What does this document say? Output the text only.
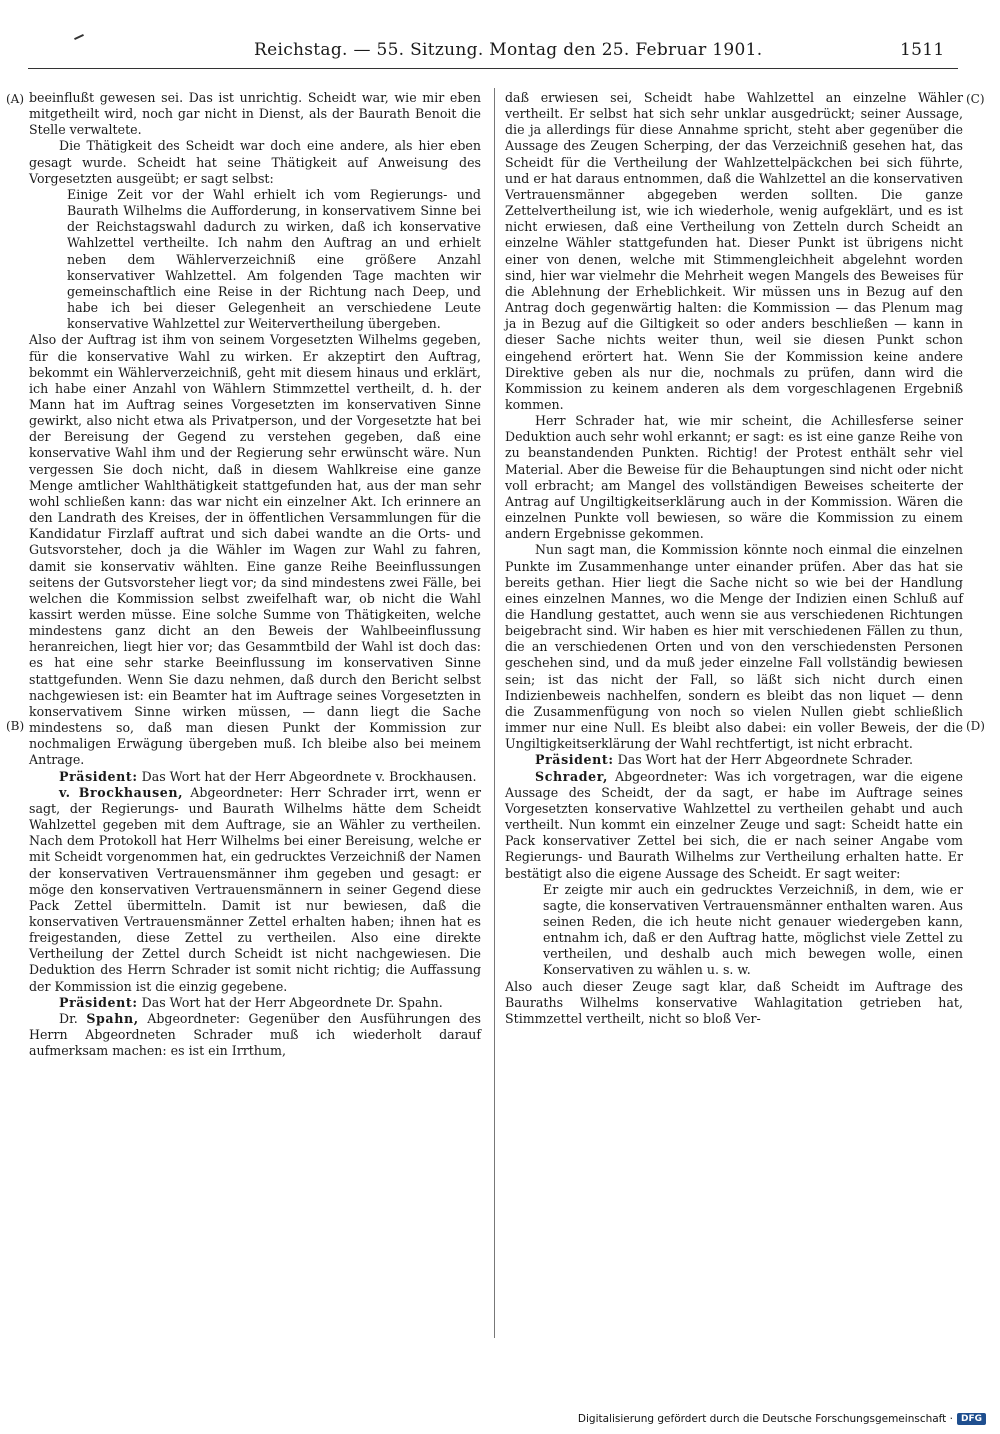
Reichstag. — 55. Sitzung. Montag den 25. Februar 1901.	1511
(A)
(B)
(C)
(D)

beeinflußt gewesen sei. Das ist unrichtig. Scheidt war, wie mir eben mitgetheilt wird, noch gar nicht in Dienst, als der Baurath Benoit die Stelle verwaltete.

Die Thätigkeit des Scheidt war doch eine andere, als hier eben gesagt wurde. Scheidt hat seine Thätigkeit auf Anweisung des Vorgesetzten ausgeübt; er sagt selbst:

Einige Zeit vor der Wahl erhielt ich vom Regierungs- und Baurath Wilhelms die Aufforderung, in konservativem Sinne bei der Reichstagswahl dadurch zu wirken, daß ich konservative Wahlzettel vertheilte. Ich nahm den Auftrag an und erhielt neben dem Wählerverzeichniß eine größere Anzahl konservativer Wahlzettel. Am folgenden Tage machten wir gemeinschaftlich eine Reise in der Richtung nach Deep, und habe ich bei dieser Gelegenheit an verschiedene Leute konservative Wahlzettel zur Weitervertheilung übergeben.

Also der Auftrag ist ihm von seinem Vorgesetzten Wilhelms gegeben, für die konservative Wahl zu wirken. Er akzeptirt den Auftrag, bekommt ein Wählerverzeichniß, geht mit diesem hinaus und erklärt, ich habe einer Anzahl von Wählern Stimmzettel vertheilt, d. h. der Mann hat im Auftrag seines Vorgesetzten im konservativen Sinne gewirkt, also nicht etwa als Privatperson, und der Vorgesetzte hat bei der Bereisung der Gegend zu verstehen gegeben, daß eine konservative Wahl ihm und der Regierung sehr erwünscht wäre. Nun vergessen Sie doch nicht, daß in diesem Wahlkreise eine ganze Menge amtlicher Wahlthätigkeit stattgefunden hat, aus der man sehr wohl schließen kann: das war nicht ein einzelner Akt. Ich erinnere an den Landrath des Kreises, der in öffentlichen Versammlungen für die Kandidatur Firzlaff auftrat und sich dabei wandte an die Orts- und Gutsvorsteher, doch ja die Wähler im Wagen zur Wahl zu fahren, damit sie konservativ wählten. Eine ganze Reihe Beeinflussungen seitens der Gutsvorsteher liegt vor; da sind mindestens zwei Fälle, bei welchen die Kommission selbst zweifelhaft war, ob nicht die Wahl kassirt werden müsse. Eine solche Summe von Thätigkeiten, welche mindestens ganz dicht an den Beweis der Wahlbeeinflussung heranreichen, liegt hier vor; das Gesammtbild der Wahl ist doch das: es hat eine sehr starke Beeinflussung im konservativen Sinne stattgefunden. Wenn Sie dazu nehmen, daß durch den Bericht selbst nachgewiesen ist: ein Beamter hat im Auftrage seines Vorgesetzten in konservativem Sinne wirken müssen, — dann liegt die Sache mindestens so, daß man diesen Punkt der Kommission zur nochmaligen Erwägung übergeben muß. Ich bleibe also bei meinem Antrage.

Präsident: Das Wort hat der Herr Abgeordnete v. Brockhausen.

v. Brockhausen, Abgeordneter: Herr Schrader irrt, wenn er sagt, der Regierungs- und Baurath Wilhelms hätte dem Scheidt Wahlzettel gegeben mit dem Auftrage, sie an Wähler zu vertheilen. Nach dem Protokoll hat Herr Wilhelms bei einer Bereisung, welche er mit Scheidt vorgenommen hat, ein gedrucktes Verzeichniß der Namen der konservativen Vertrauensmänner ihm gegeben und gesagt: er möge den konservativen Vertrauensmännern in seiner Gegend diese Pack Zettel übermitteln. Damit ist nur bewiesen, daß die konservativen Vertrauensmänner Zettel erhalten haben; ihnen hat es freigestanden, diese Zettel zu vertheilen. Also eine direkte Vertheilung der Zettel durch Scheidt ist nicht nachgewiesen. Die Deduktion des Herrn Schrader ist somit nicht richtig; die Auffassung der Kommission ist die einzig gegebene.

Präsident: Das Wort hat der Herr Abgeordnete Dr. Spahn.

Dr. Spahn, Abgeordneter: Gegenüber den Ausführungen des Herrn Abgeordneten Schrader muß ich wiederholt darauf aufmerksam machen: es ist ein Irrthum,

daß erwiesen sei, Scheidt habe Wahlzettel an einzelne Wähler vertheilt. Er selbst hat sich sehr unklar ausgedrückt; seiner Aussage, die ja allerdings für diese Annahme spricht, steht aber gegenüber die Aussage des Zeugen Scherping, der das Verzeichniß gesehen hat, das Scheidt für die Vertheilung der Wahlzettelpäckchen bei sich führte, und er hat daraus entnommen, daß die Wahlzettel an die konservativen Vertrauensmänner abgegeben werden sollten. Die ganze Zettelvertheilung ist, wie ich wiederhole, wenig aufgeklärt, und es ist nicht erwiesen, daß eine Vertheilung von Zetteln durch Scheidt an einzelne Wähler stattgefunden hat. Dieser Punkt ist übrigens nicht einer von denen, welche mit Stimmengleichheit abgelehnt worden sind, hier war vielmehr die Mehrheit wegen Mangels des Beweises für die Ablehnung der Erheblichkeit. Wir müssen uns in Bezug auf den Antrag doch gegenwärtig halten: die Kommission — das Plenum mag ja in Bezug auf die Giltigkeit so oder anders beschließen — kann in dieser Sache nichts weiter thun, weil sie diesen Punkt schon eingehend erörtert hat. Wenn Sie der Kommission keine andere Direktive geben als nur die, nochmals zu prüfen, dann wird die Kommission zu keinem anderen als dem vorgeschlagenen Ergebniß kommen.

Herr Schrader hat, wie mir scheint, die Achillesferse seiner Deduktion auch sehr wohl erkannt; er sagt: es ist eine ganze Reihe von zu beanstandenden Punkten. Richtig! der Protest enthält sehr viel Material. Aber die Beweise für die Behauptungen sind nicht oder nicht voll erbracht; am Mangel des vollständigen Beweises scheiterte der Antrag auf Ungiltigkeitserklärung auch in der Kommission. Wären die einzelnen Punkte voll bewiesen, so wäre die Kommission zu einem andern Ergebnisse gekommen.

Nun sagt man, die Kommission könnte noch einmal die einzelnen Punkte im Zusammenhange unter einander prüfen. Aber das hat sie bereits gethan. Hier liegt die Sache nicht so wie bei der Handlung eines einzelnen Mannes, wo die Menge der Indizien einen Schluß auf die Handlung gestattet, auch wenn sie aus verschiedenen Richtungen beigebracht sind. Wir haben es hier mit verschiedenen Fällen zu thun, die an verschiedenen Orten und von den verschiedensten Personen geschehen sind, und da muß jeder einzelne Fall vollständig bewiesen sein; ist das nicht der Fall, so läßt sich nicht durch einen Indizienbeweis nachhelfen, sondern es bleibt das non liquet — denn die Zusammenfügung von noch so vielen Nullen giebt schließlich immer nur eine Null. Es bleibt also dabei: ein voller Beweis, der die Ungiltigkeitserklärung der Wahl rechtfertigt, ist nicht erbracht.

Präsident: Das Wort hat der Herr Abgeordnete Schrader.

Schrader, Abgeordneter: Was ich vorgetragen, war die eigene Aussage des Scheidt, der da sagt, er habe im Auftrage seines Vorgesetzten konservative Wahlzettel zu vertheilen gehabt und auch vertheilt. Nun kommt ein einzelner Zeuge und sagt: Scheidt hatte ein Pack konservativer Zettel bei sich, die er nach seiner Angabe vom Regierungs- und Baurath Wilhelms zur Vertheilung erhalten hatte. Er bestätigt also die eigene Aussage des Scheidt. Er sagt weiter:

Er zeigte mir auch ein gedrucktes Verzeichniß, in dem, wie er sagte, die konservativen Vertrauensmänner enthalten waren. Aus seinen Reden, die ich heute nicht genauer wiedergeben kann, entnahm ich, daß er den Auftrag hatte, möglichst viele Zettel zu vertheilen, und deshalb auch mich bewegen wolle, einen Konservativen zu wählen u. s. w.

Also auch dieser Zeuge sagt klar, daß Scheidt im Auftrage des Bauraths Wilhelms konservative Wahlagitation getrieben hat, Stimmzettel vertheilt, nicht so bloß Ver-

Digitalisierung gefördert durch die Deutsche Forschungsgemeinschaft · DFG
